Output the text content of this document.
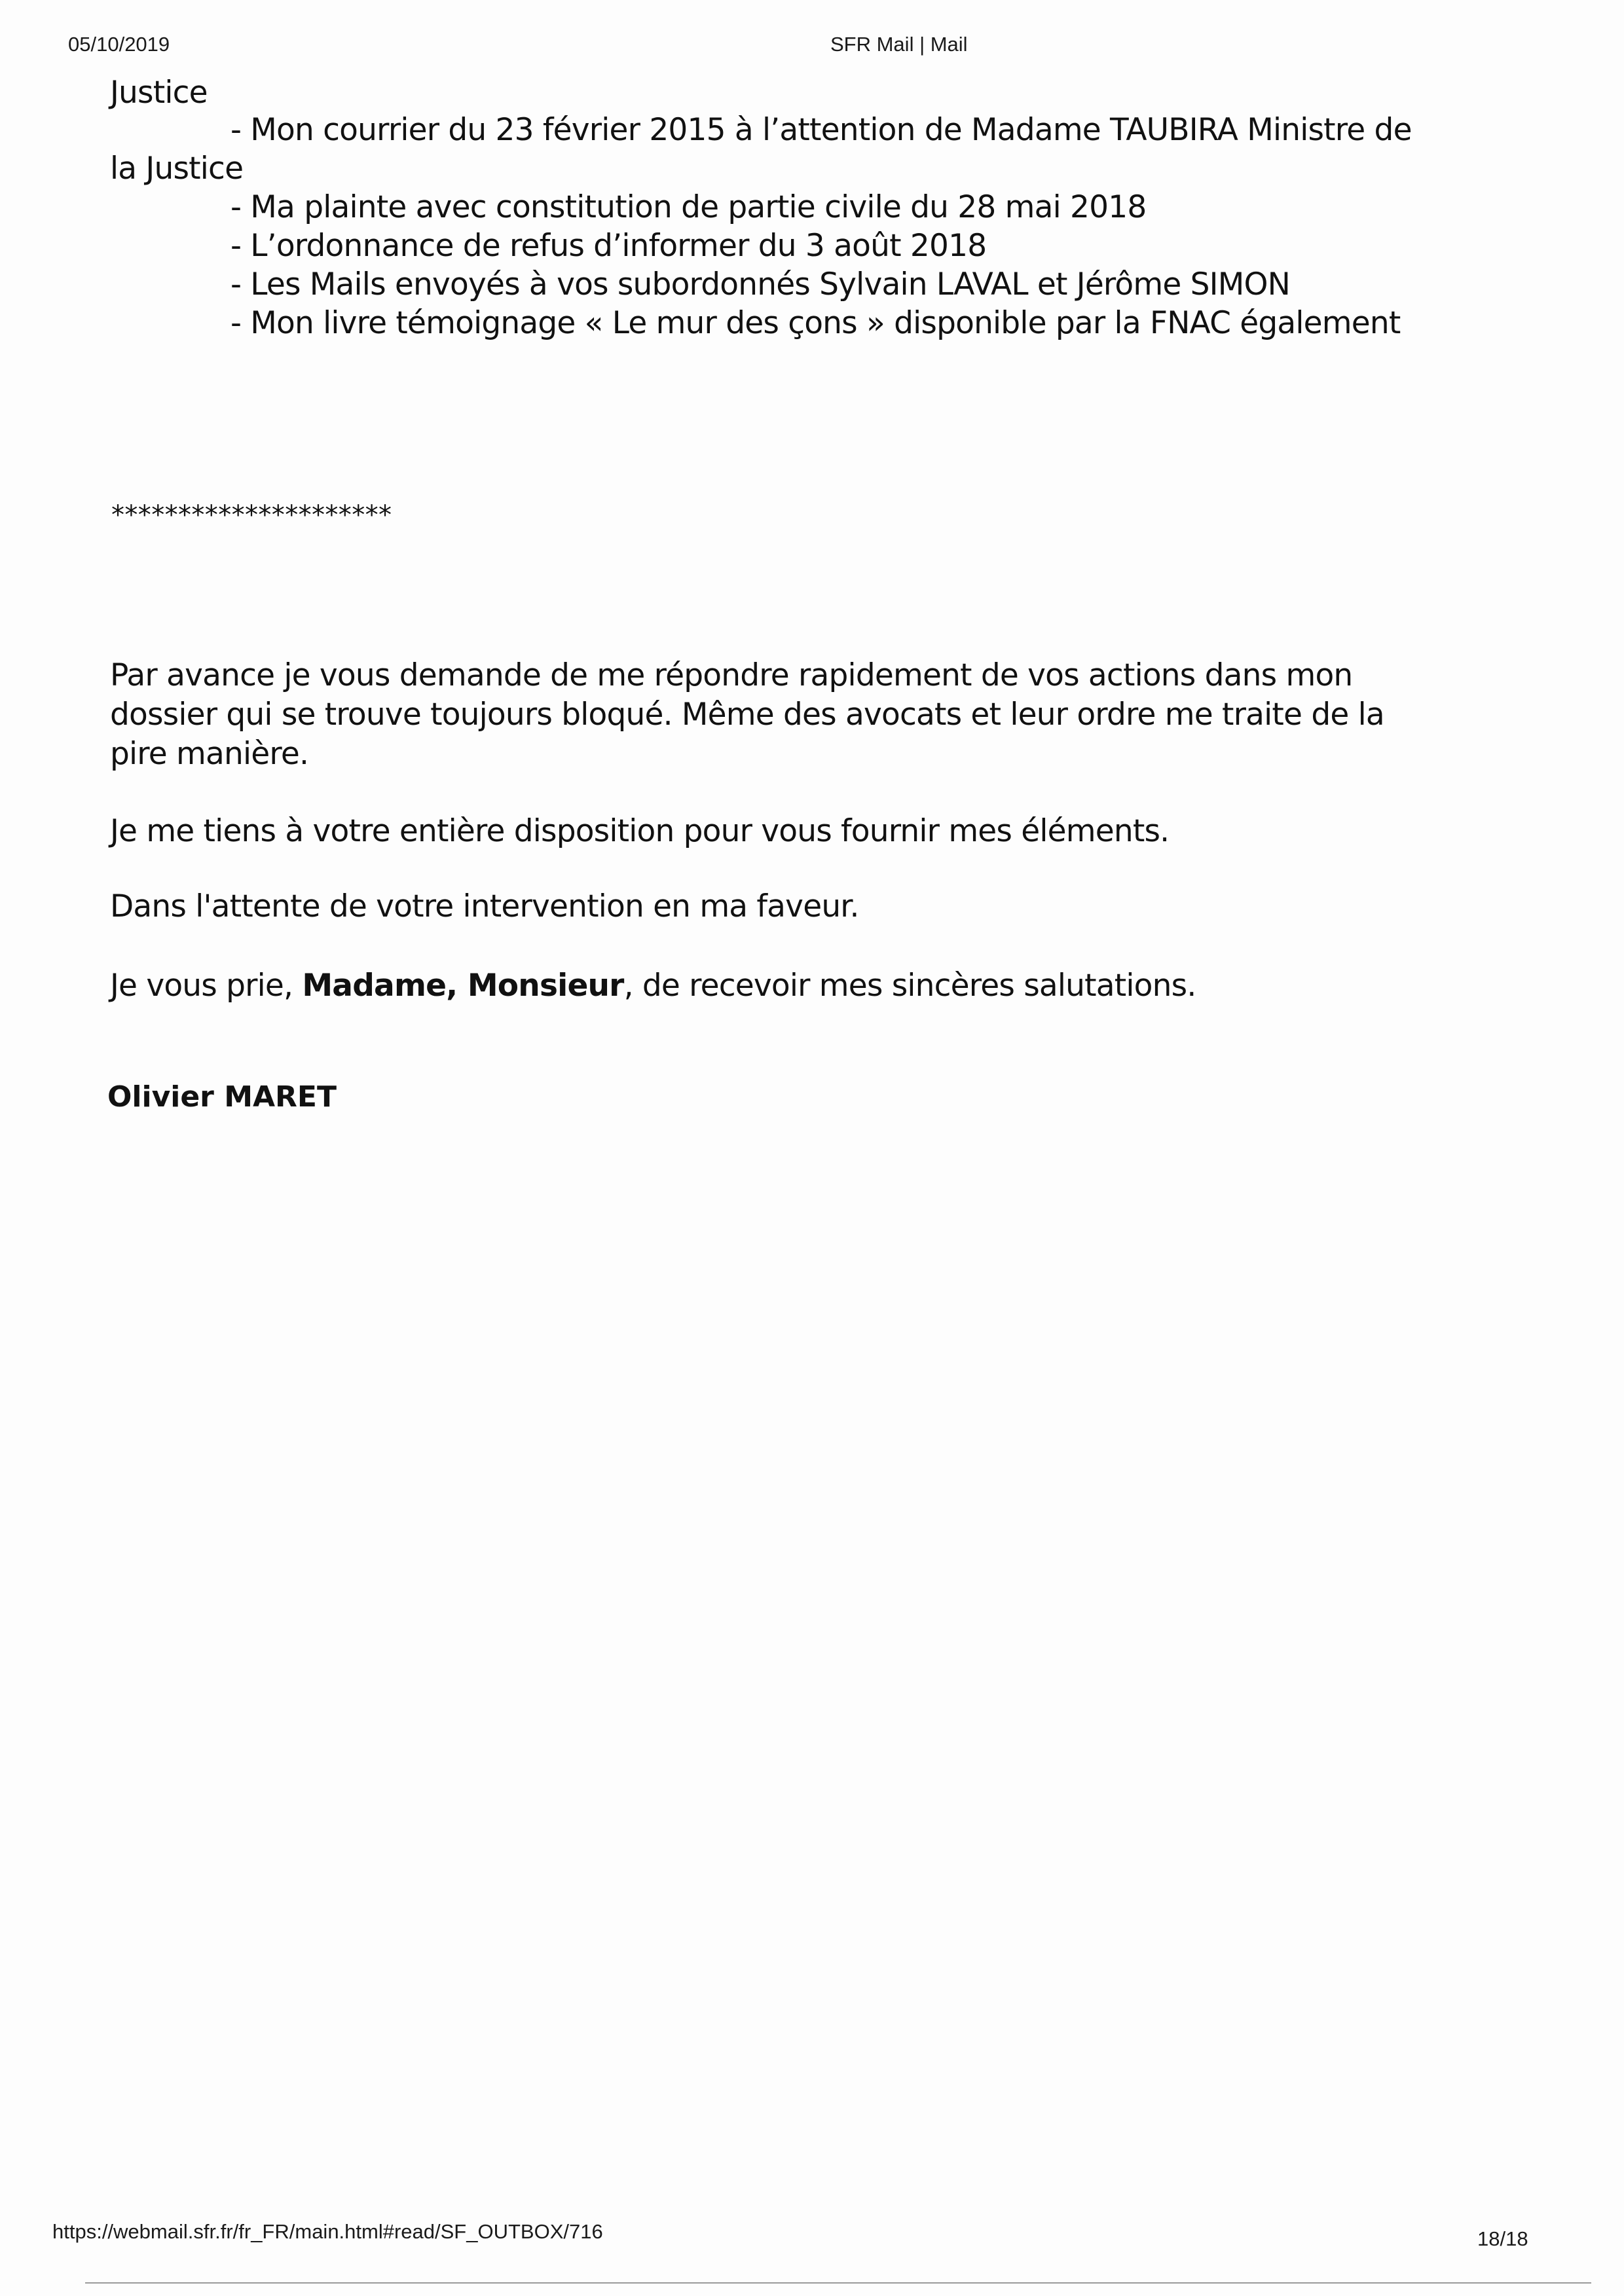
05/10/2019	SFR Mail | Mail

Justice

- Mon courrier du 23 février 2015 à l’attention de Madame TAUBIRA Ministre de

la Justice

- Ma plainte avec constitution de partie civile du 28 mai 2018

- L’ordonnance de refus d’informer du 3 août 2018

- Les Mails envoyés à vos subordonnés Sylvain LAVAL et Jérôme SIMON

- Mon livre témoignage « Le mur des çons » disponible par la FNAC également

*********************

Par avance je vous demande de me répondre rapidement de vos actions dans mon

dossier qui se trouve toujours bloqué. Même des avocats et leur ordre me traite de la

pire manière.

Je me tiens à votre entière disposition pour vous fournir mes éléments.

Dans l'attente de votre intervention en ma faveur.

Je vous prie, Madame, Monsieur, de recevoir mes sincères salutations.

Olivier MARET

https://webmail.sfr.fr/fr_FR/main.html#read/SF_OUTBOX/716	18/18
